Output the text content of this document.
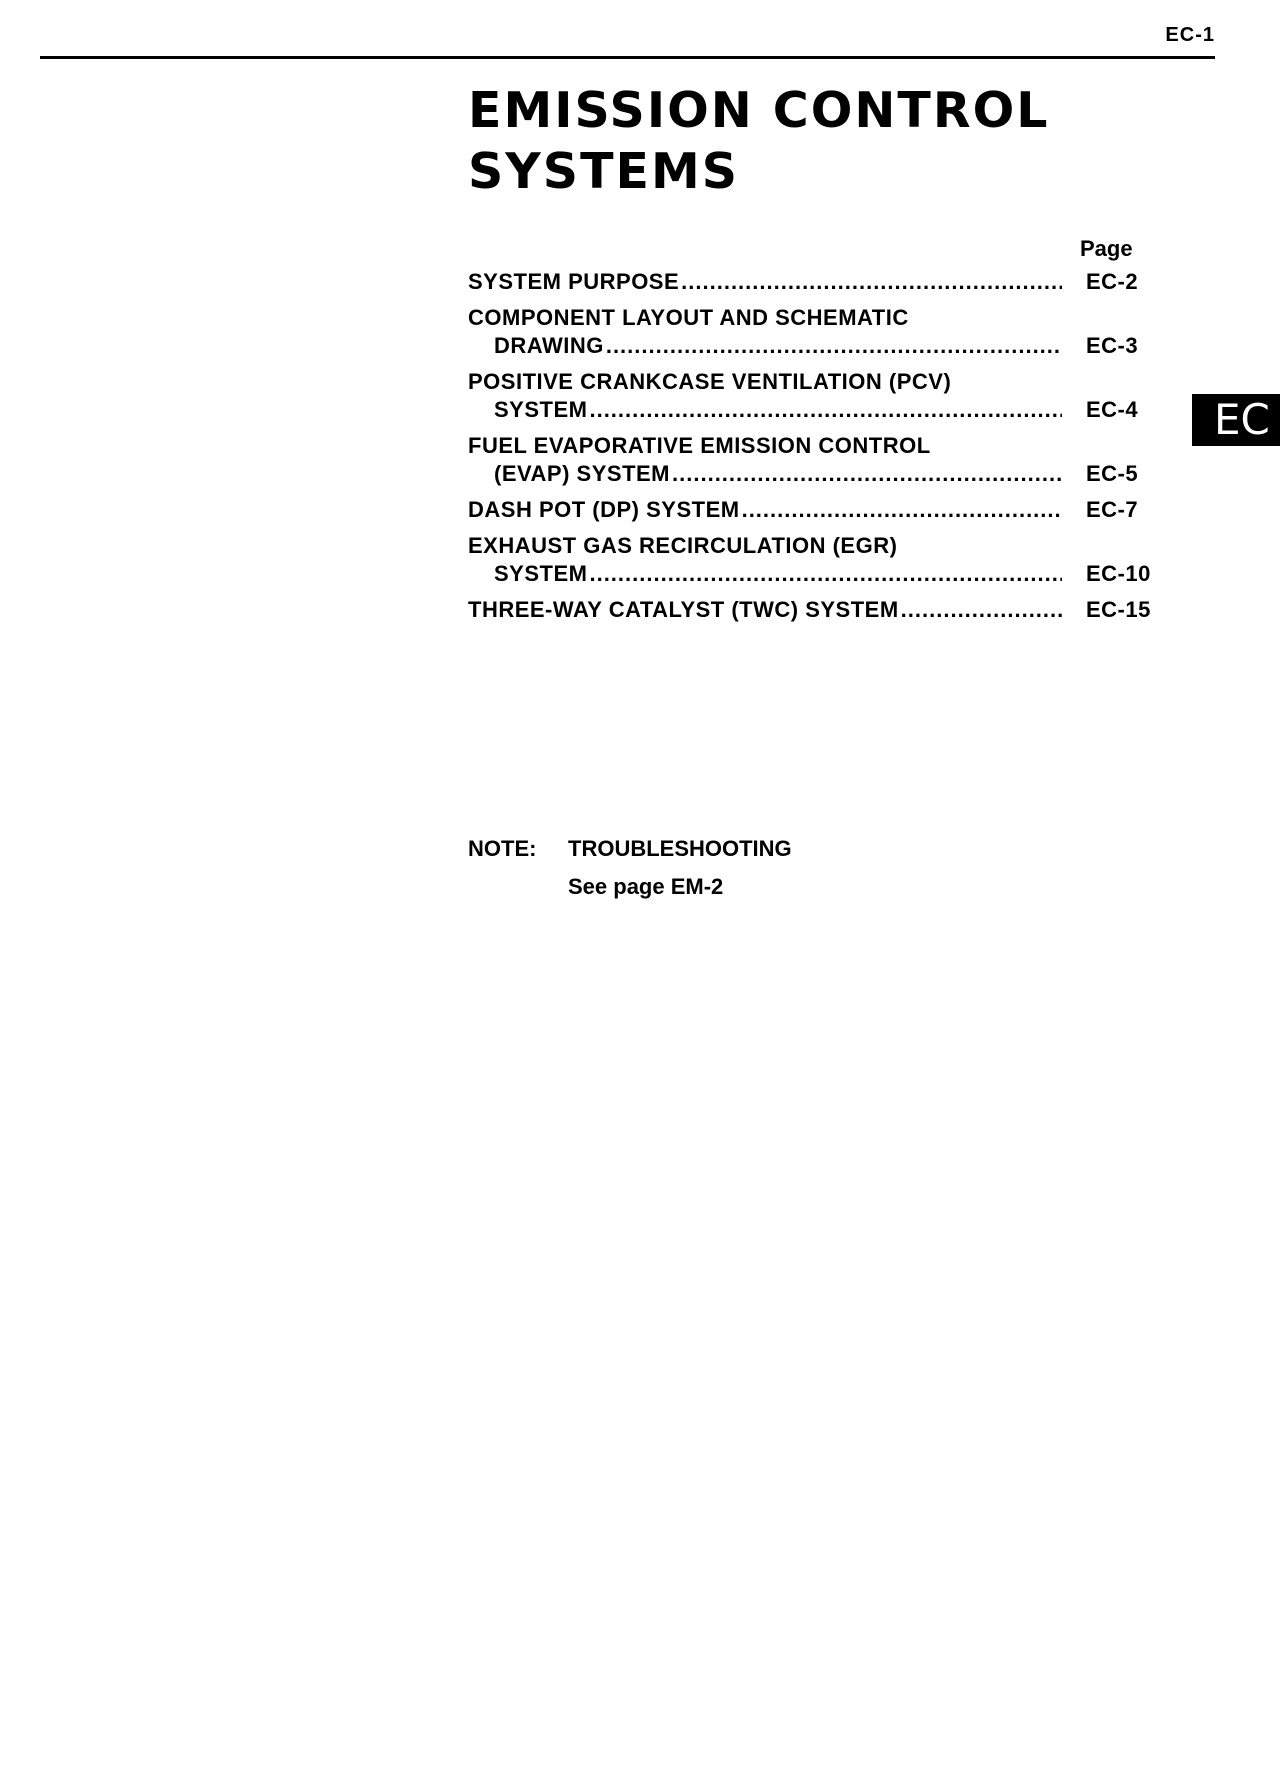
EC-1
EMISSION CONTROL
SYSTEMS
Page
SYSTEM PURPOSE .....	EC-2
COMPONENT LAYOUT AND SCHEMATIC
DRAWING .....	EC-3
POSITIVE CRANKCASE VENTILATION (PCV)
SYSTEM .....	EC-4
FUEL EVAPORATIVE EMISSION CONTROL
(EVAP) SYSTEM .....	EC-5
DASH POT (DP) SYSTEM .....	EC-7
EXHAUST GAS RECIRCULATION (EGR)
SYSTEM .....	EC-10
THREE-WAY CATALYST (TWC) SYSTEM .....	EC-15
EC
NOTE:	TROUBLESHOOTING
See page EM-2
